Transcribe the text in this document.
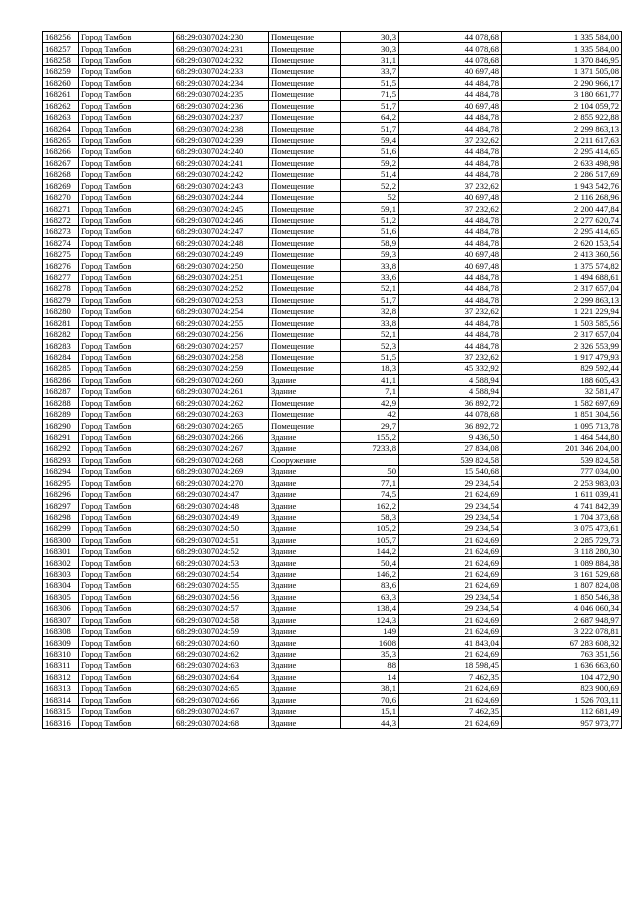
168256	Город Тамбов	68:29:0307024:230	Помещение	30,3	44 078,68	1 335 584,00
168257	Город Тамбов	68:29:0307024:231	Помещение	30,3	44 078,68	1 335 584,00
168258	Город Тамбов	68:29:0307024:232	Помещение	31,1	44 078,68	1 370 846,95
168259	Город Тамбов	68:29:0307024:233	Помещение	33,7	40 697,48	1 371 505,08
168260	Город Тамбов	68:29:0307024:234	Помещение	51,5	44 484,78	2 290 966,17
168261	Город Тамбов	68:29:0307024:235	Помещение	71,5	44 484,78	3 180 661,77
168262	Город Тамбов	68:29:0307024:236	Помещение	51,7	40 697,48	2 104 059,72
168263	Город Тамбов	68:29:0307024:237	Помещение	64,2	44 484,78	2 855 922,88
168264	Город Тамбов	68:29:0307024:238	Помещение	51,7	44 484,78	2 299 863,13
168265	Город Тамбов	68:29:0307024:239	Помещение	59,4	37 232,62	2 211 617,63
168266	Город Тамбов	68:29:0307024:240	Помещение	51,6	44 484,78	2 295 414,65
168267	Город Тамбов	68:29:0307024:241	Помещение	59,2	44 484,78	2 633 498,98
168268	Город Тамбов	68:29:0307024:242	Помещение	51,4	44 484,78	2 286 517,69
168269	Город Тамбов	68:29:0307024:243	Помещение	52,2	37 232,62	1 943 542,76
168270	Город Тамбов	68:29:0307024:244	Помещение	52	40 697,48	2 116 268,96
168271	Город Тамбов	68:29:0307024:245	Помещение	59,1	37 232,62	2 200 447,84
168272	Город Тамбов	68:29:0307024:246	Помещение	51,2	44 484,78	2 277 620,74
168273	Город Тамбов	68:29:0307024:247	Помещение	51,6	44 484,78	2 295 414,65
168274	Город Тамбов	68:29:0307024:248	Помещение	58,9	44 484,78	2 620 153,54
168275	Город Тамбов	68:29:0307024:249	Помещение	59,3	40 697,48	2 413 360,56
168276	Город Тамбов	68:29:0307024:250	Помещение	33,8	40 697,48	1 375 574,82
168277	Город Тамбов	68:29:0307024:251	Помещение	33,6	44 484,78	1 494 688,61
168278	Город Тамбов	68:29:0307024:252	Помещение	52,1	44 484,78	2 317 657,04
168279	Город Тамбов	68:29:0307024:253	Помещение	51,7	44 484,78	2 299 863,13
168280	Город Тамбов	68:29:0307024:254	Помещение	32,8	37 232,62	1 221 229,94
168281	Город Тамбов	68:29:0307024:255	Помещение	33,8	44 484,78	1 503 585,56
168282	Город Тамбов	68:29:0307024:256	Помещение	52,1	44 484,78	2 317 657,04
168283	Город Тамбов	68:29:0307024:257	Помещение	52,3	44 484,78	2 326 553,99
168284	Город Тамбов	68:29:0307024:258	Помещение	51,5	37 232,62	1 917 479,93
168285	Город Тамбов	68:29:0307024:259	Помещение	18,3	45 332,92	829 592,44
168286	Город Тамбов	68:29:0307024:260	Здание	41,1	4 588,94	188 605,43
168287	Город Тамбов	68:29:0307024:261	Здание	7,1	4 588,94	32 581,47
168288	Город Тамбов	68:29:0307024:262	Помещение	42,9	36 892,72	1 582 697,69
168289	Город Тамбов	68:29:0307024:263	Помещение	42	44 078,68	1 851 304,56
168290	Город Тамбов	68:29:0307024:265	Помещение	29,7	36 892,72	1 095 713,78
168291	Город Тамбов	68:29:0307024:266	Здание	155,2	9 436,50	1 464 544,80
168292	Город Тамбов	68:29:0307024:267	Здание	7233,8	27 834,08	201 346 204,00
168293	Город Тамбов	68:29:0307024:268	Сооружение		539 824,58	539 824,58
168294	Город Тамбов	68:29:0307024:269	Здание	50	15 540,68	777 034,00
168295	Город Тамбов	68:29:0307024:270	Здание	77,1	29 234,54	2 253 983,03
168296	Город Тамбов	68:29:0307024:47	Здание	74,5	21 624,69	1 611 039,41
168297	Город Тамбов	68:29:0307024:48	Здание	162,2	29 234,54	4 741 842,39
168298	Город Тамбов	68:29:0307024:49	Здание	58,3	29 234,54	1 704 373,68
168299	Город Тамбов	68:29:0307024:50	Здание	105,2	29 234,54	3 075 473,61
168300	Город Тамбов	68:29:0307024:51	Здание	105,7	21 624,69	2 285 729,73
168301	Город Тамбов	68:29:0307024:52	Здание	144,2	21 624,69	3 118 280,30
168302	Город Тамбов	68:29:0307024:53	Здание	50,4	21 624,69	1 089 884,38
168303	Город Тамбов	68:29:0307024:54	Здание	146,2	21 624,69	3 161 529,68
168304	Город Тамбов	68:29:0307024:55	Здание	83,6	21 624,69	1 807 824,08
168305	Город Тамбов	68:29:0307024:56	Здание	63,3	29 234,54	1 850 546,38
168306	Город Тамбов	68:29:0307024:57	Здание	138,4	29 234,54	4 046 060,34
168307	Город Тамбов	68:29:0307024:58	Здание	124,3	21 624,69	2 687 948,97
168308	Город Тамбов	68:29:0307024:59	Здание	149	21 624,69	3 222 078,81
168309	Город Тамбов	68:29:0307024:60	Здание	1608	41 843,04	67 283 608,32
168310	Город Тамбов	68:29:0307024:62	Здание	35,3	21 624,69	763 351,56
168311	Город Тамбов	68:29:0307024:63	Здание	88	18 598,45	1 636 663,60
168312	Город Тамбов	68:29:0307024:64	Здание	14	7 462,35	104 472,90
168313	Город Тамбов	68:29:0307024:65	Здание	38,1	21 624,69	823 900,69
168314	Город Тамбов	68:29:0307024:66	Здание	70,6	21 624,69	1 526 703,11
168315	Город Тамбов	68:29:0307024:67	Здание	15,1	7 462,35	112 681,49
168316	Город Тамбов	68:29:0307024:68	Здание	44,3	21 624,69	957 973,77
